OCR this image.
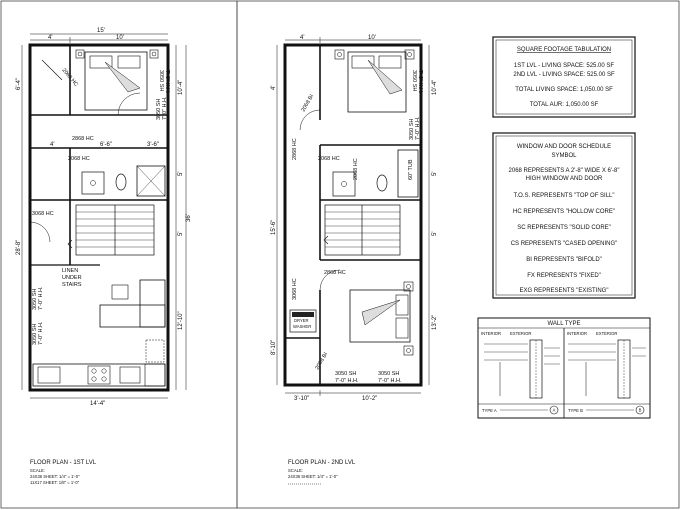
15'
4'	10'
10'-4"
5'
5'
36'
12'-10"
6'-4"
28'-8"
14'-4"
2068 HC	3050 SH 7'-0" H.H.
3050 SH 7'-0" H.H.
2868 HC
4'	6'-6"	3'-6"
2068 HC
3068 HC
LINEN
UNDER
STAIRS
3050 SH 7'-0" H.H.
3050 SH 7'-0" H.H.
FLOOR PLAN - 1ST LVL
SCALE:
24X36 SHEET: 1/4" = 1'-0"
11X17 SHEET: 1/8" = 1'-0"
4'	10'
4'
15'-6"
8'-10"
10'-4"
5'
5'
13'-2"
3'-10"	10'-2"
2068 BI
2868 HC
3050 SH 7'-0" H.H.
3050 SH 7'-0" H.H.
2068 HC 2068 HC	60" TUB
2868 HC
3068 HC
DRYER
WASHER
2068 BI
3050 SH
7'-0" H.H.
3050 SH
7'-0" H.H.
FLOOR PLAN - 2ND LVL
SCALE:
24X36 SHEET: 1/4" = 1'-0"
SQUARE FOOTAGE TABULATION
1ST LVL - LIVING SPACE: 525.00 SF
2ND LVL - LIVING SPACE: 525.00 SF
TOTAL LIVING SPACE: 1,050.00 SF
TOTAL AUR: 1,050.00 SF
WINDOW AND DOOR SCHEDULE
SYMBOL
2068 REPRESENTS A 2'-8" WIDE X 6'-8"
HIGH WINDOW AND DOOR
T.O.S. REPRESENTS "TOP OF SILL"
HC REPRESENTS "HOLLOW CORE"
SC REPRESENTS "SOLID CORE"
CS REPRESENTS "CASED OPENING"
BI REPRESENTS "BIFOLD"
FX REPRESENTS "FIXED"
EXG REPRESENTS "EXISTING"
WALL TYPE
INTERIOR EXTERIOR	INTERIOR EXTERIOR
TYPE A	TYPE B
A	B
